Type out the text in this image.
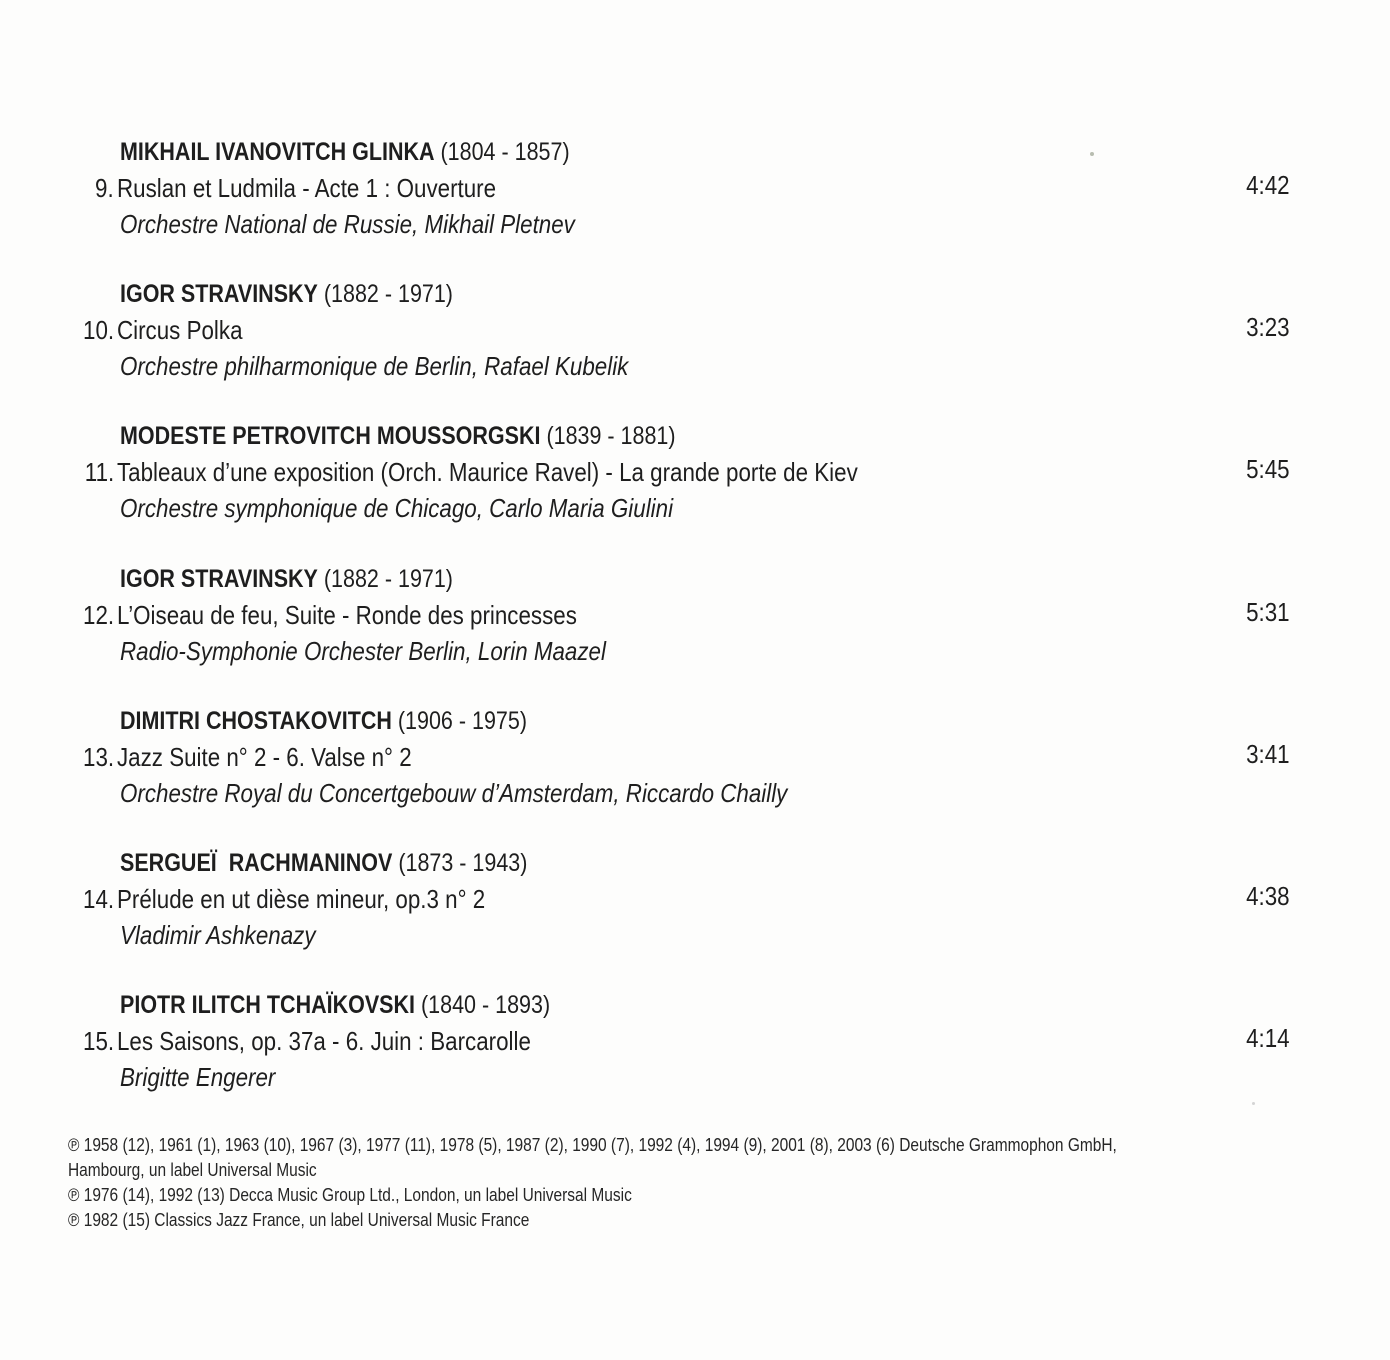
MIKHAIL IVANOVITCH GLINKA (1804 - 1857)
9. Ruslan et Ludmila - Acte 1 : Ouverture	4:42
Orchestre National de Russie, Mikhail Pletnev
IGOR STRAVINSKY (1882 - 1971)
10. Circus Polka	3:23
Orchestre philharmonique de Berlin, Rafael Kubelik
MODESTE PETROVITCH MOUSSORGSKI (1839 - 1881)
11. Tableaux d’une exposition (Orch. Maurice Ravel) - La grande porte de Kiev	5:45
Orchestre symphonique de Chicago, Carlo Maria Giulini
IGOR STRAVINSKY (1882 - 1971)
12. L’Oiseau de feu, Suite - Ronde des princesses	5:31
Radio-Symphonie Orchester Berlin, Lorin Maazel
DIMITRI CHOSTAKOVITCH (1906 - 1975)
13. Jazz Suite n° 2 - 6. Valse n° 2	3:41
Orchestre Royal du Concertgebouw d’Amsterdam, Riccardo Chailly
SERGUEÏ  RACHMANINOV (1873 - 1943)
14. Prélude en ut dièse mineur, op.3 n° 2	4:38
Vladimir Ashkenazy
PIOTR ILITCH TCHAÏKOVSKI (1840 - 1893)
15. Les Saisons, op. 37a - 6. Juin : Barcarolle	4:14
Brigitte Engerer
℗ 1958 (12), 1961 (1), 1963 (10), 1967 (3), 1977 (11), 1978 (5), 1987 (2), 1990 (7), 1992 (4), 1994 (9), 2001 (8), 2003 (6) Deutsche Grammophon GmbH,
Hambourg, un label Universal Music
℗ 1976 (14), 1992 (13) Decca Music Group Ltd., London, un label Universal Music
℗ 1982 (15) Classics Jazz France, un label Universal Music France
